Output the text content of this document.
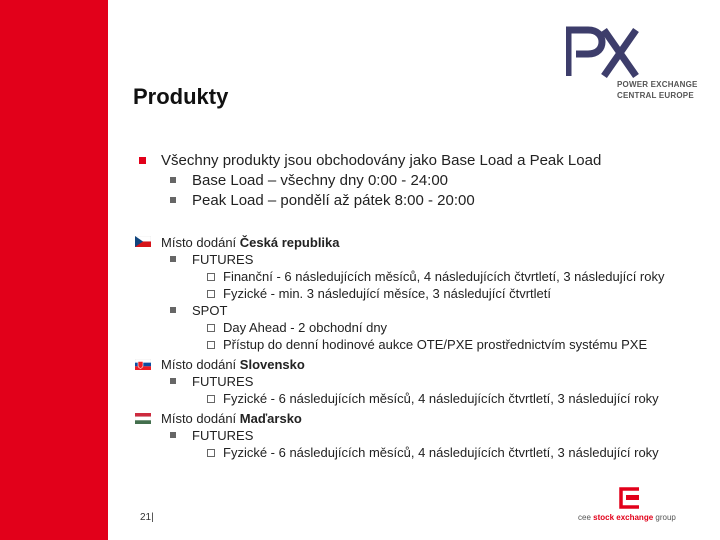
Produkty	POWER EXCHANGE
CENTRAL EUROPE
Všechny produkty jsou obchodovány jako Base Load a Peak Load
Base Load – všechny dny 0:00 - 24:00
Peak Load – pondělí až pátek 8:00 - 20:00
Místo dodání Česká republika
FUTURES
Finanční - 6 následujících měsíců, 4 následujících čtvrtletí, 3 následující roky
Fyzické - min. 3 následující měsíce, 3 následující čtvrtletí
SPOT
Day Ahead - 2 obchodní dny
Přístup do denní hodinové aukce OTE/PXE prostřednictvím systému PXE
Místo dodání Slovensko
FUTURES
Fyzické - 6 následujících měsíců, 4 následujících čtvrtletí, 3 následující roky
Místo dodání Maďarsko
FUTURES
Fyzické - 6 následujících měsíců, 4 následujících čtvrtletí, 3 následující roky
21|	cee stock exchange group
